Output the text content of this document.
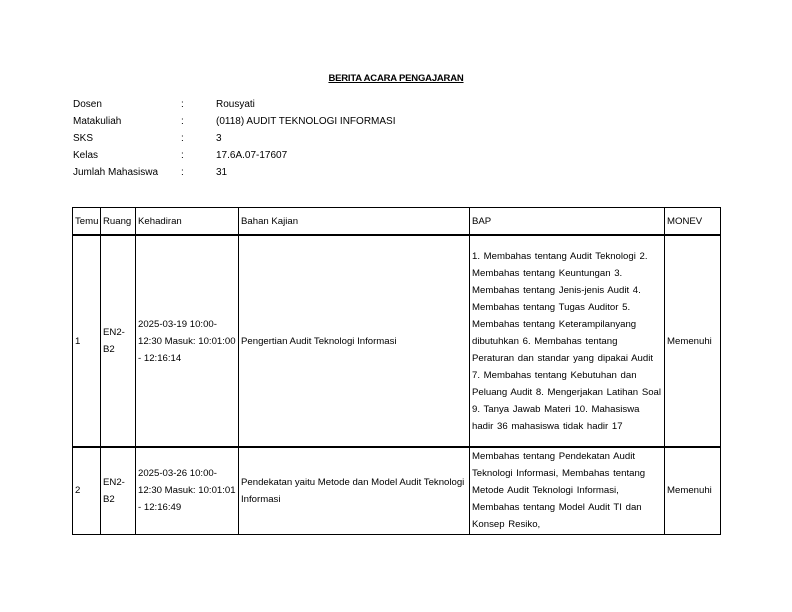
BERITA ACARA PENGAJARAN
Dosen	:	Rousyati
Matakuliah	:	(0118) AUDIT TEKNOLOGI INFORMASI
SKS	:	3
Kelas	:	17.6A.07-17607
Jumlah Mahasiswa :	31
Temu	Ruang	Kehadiran	Bahan Kajian	BAP	MONEV
1	EN2-B2	2025-03-19 10:00-12:30 Masuk: 10:01:00 - 12:16:14	Pengertian Audit Teknologi Informasi	1. Membahas tentang Audit Teknologi 2. Membahas tentang Keuntungan 3. Membahas tentang Jenis-jenis Audit 4. Membahas tentang Tugas Auditor 5. Membahas tentang Keterampilanyang dibutuhkan 6. Membahas tentang Peraturan dan standar yang dipakai Audit 7. Membahas tentang Kebutuhan dan Peluang Audit 8. Mengerjakan Latihan Soal 9. Tanya Jawab Materi 10. Mahasiswa hadir 36 mahasiswa tidak hadir 17	Memenuhi
2	EN2-B2	2025-03-26 10:00-12:30 Masuk: 10:01:01 - 12:16:49	Pendekatan yaitu Metode dan Model Audit Teknologi Informasi	Membahas tentang Pendekatan Audit Teknologi Informasi, Membahas tentang Metode Audit Teknologi Informasi, Membahas tentang Model Audit TI dan Konsep Resiko,	Memenuhi
